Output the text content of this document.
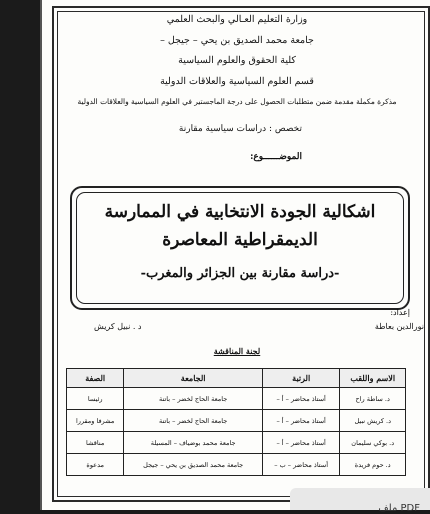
وزارة التعليم العـالي والبحث العلمي
جامعة محمد الصديق بن يحي – جيجل –
كلية الحقوق والعلوم السياسية
قسم العلوم السياسية والعلاقات الدولية
مذكرة مكملة مقدمة ضمن متطلبات الحصول على درجة الماجستير في العلوم السياسية والعلاقات الدولية
تخصص : دراسات سياسية مقارنة
الموضــــــوع:
اشكالية الجودة الانتخابية في الممارسة
الديمقراطية المعاصرة
-دراسة مقارنة بين الجزائر والمغرب-
إعداد:
نورالدين بعاطة
د . نبيل كريش
لجنة المناقشة
الاسم واللقب	الرتبة	الجامعة	الصفة
د. ساطة راح	أستاذ محاضر – أ –	جامعة الحاج لخضر – باتنة	رئيسا
د. كريش نبيل	أستاذ محاضر – أ –	جامعة الحاج لخضر – باتنة	مشرفا ومقررا
د. بوكي سليمان	أستاذ محاضر – أ –	جامعة محمد بوضياف – المسيلة	مناقشا
د. حوم فريدة	أستاذ محاضر – ب –	جامعة محمد الصديق بن يحي – جيجل	مدعوة
PDF ملف
